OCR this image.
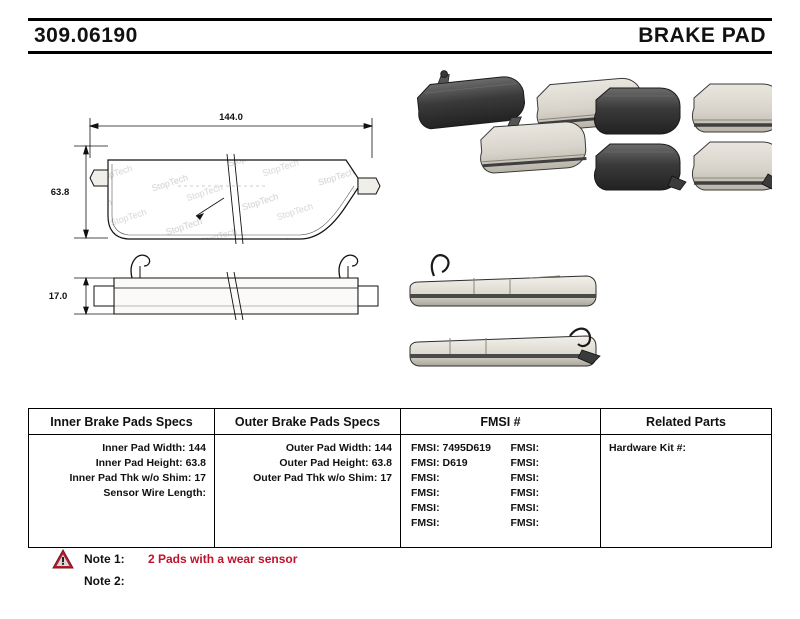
309.06190	BRAKE PAD
144.0
63.8
17.0
Inner Brake Pads Specs
Inner Pad Width: 144
Inner Pad Height: 63.8
Inner Pad Thk w/o Shim: 17
Sensor Wire Length:
Outer Brake Pads Specs
Outer Pad Width: 144
Outer Pad Height: 63.8
Outer Pad Thk w/o Shim: 17
FMSI #
FMSI: 7495D619
FMSI: D619
FMSI:
FMSI:
FMSI:
FMSI:
FMSI:
FMSI:
FMSI:
FMSI:
FMSI:
FMSI:
Related Parts
Hardware Kit #:
Note 1:	2 Pads with a wear sensor
Note 2:
